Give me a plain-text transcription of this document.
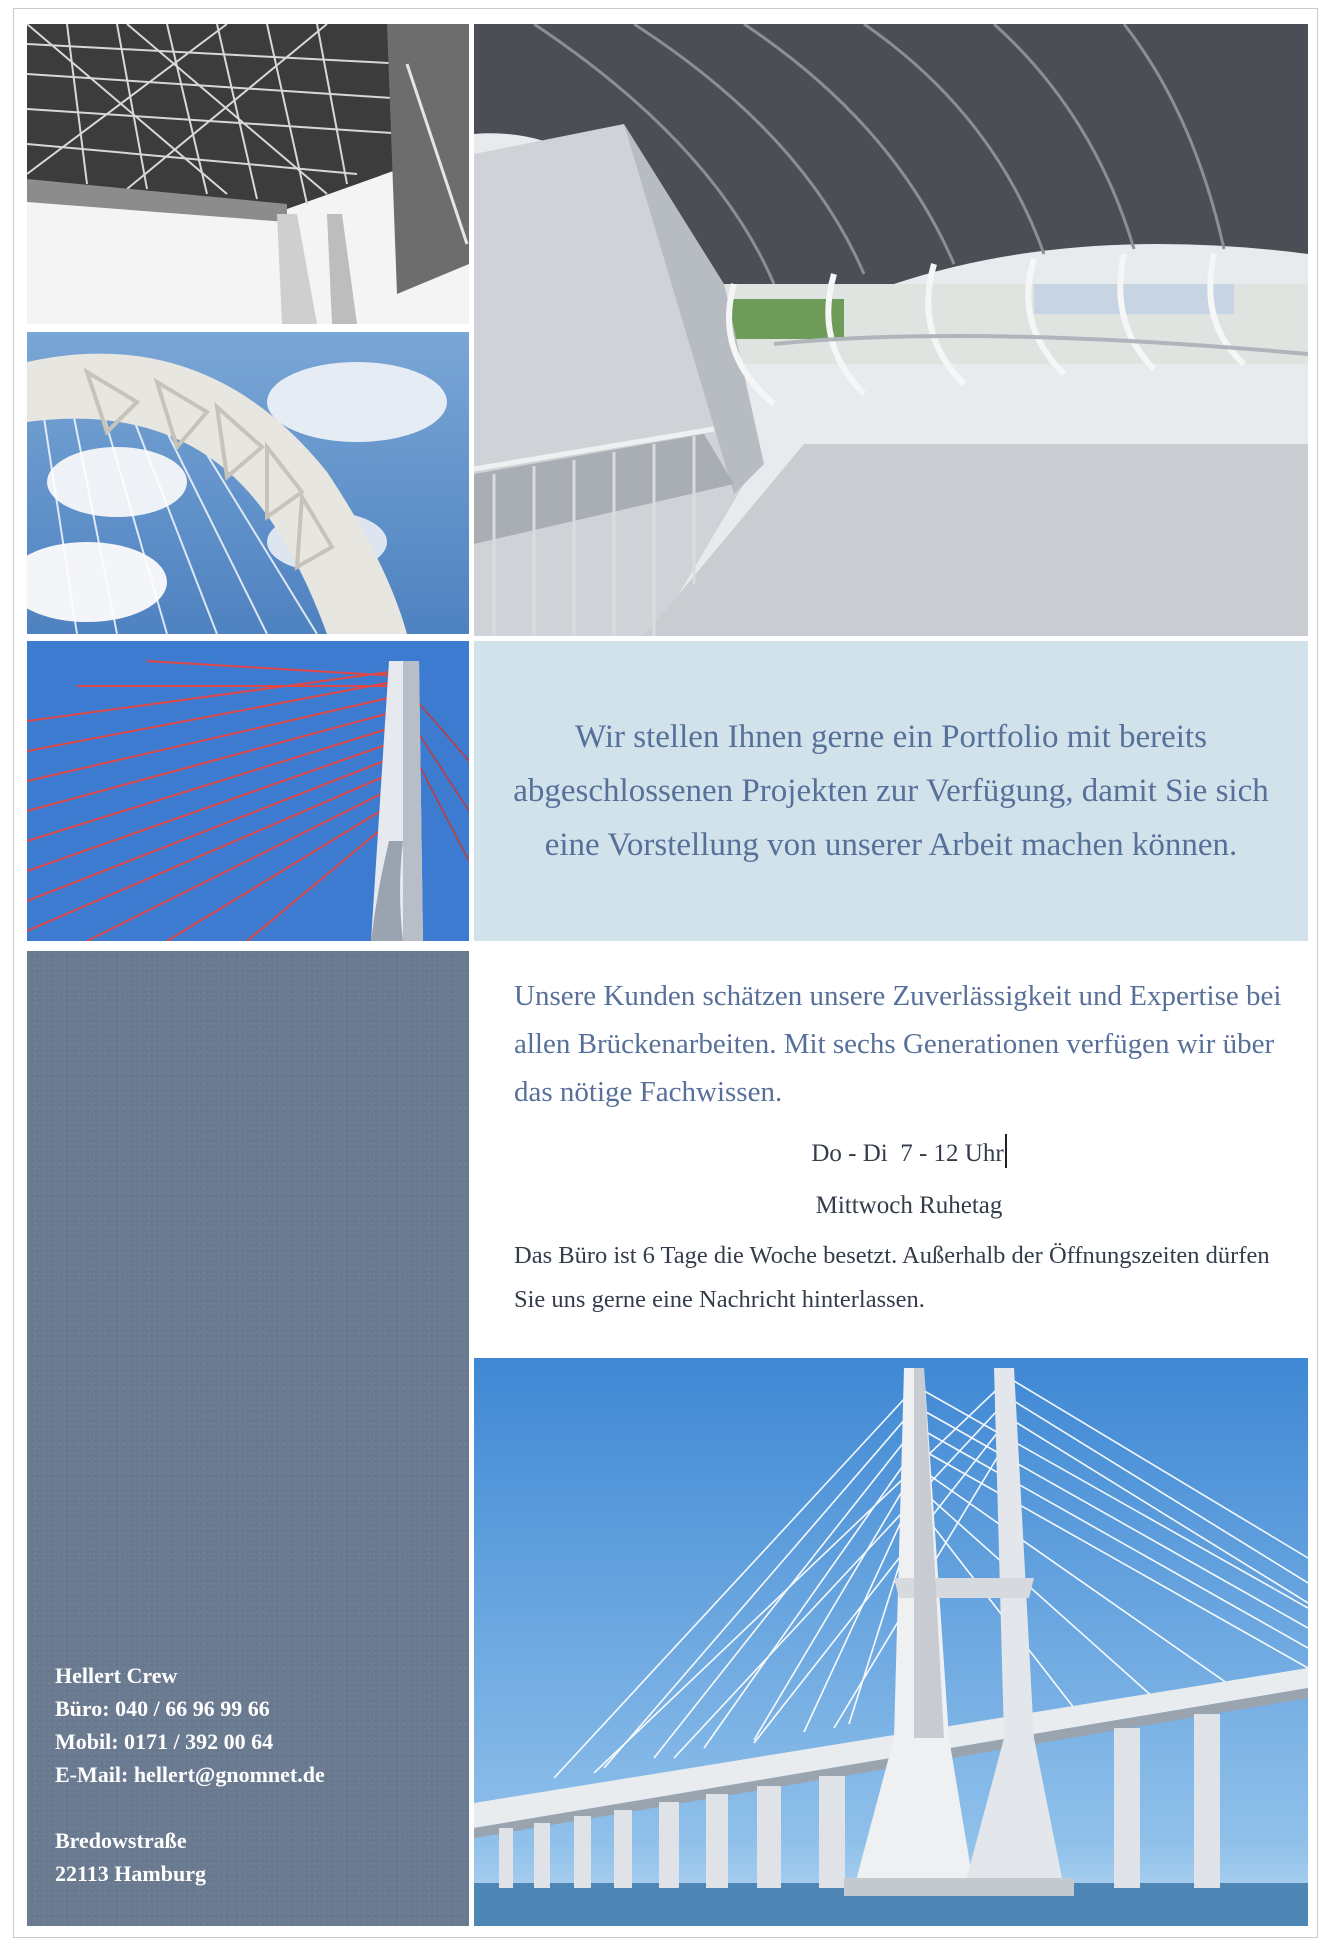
Wir stellen Ihnen gerne ein Portfolio mit bereits abgeschlossenen Projekten zur Verfügung, damit Sie sich eine Vorstellung von unserer Arbeit machen können.

Hellert Crew
Büro: 040 / 66 96 99 66
Mobil: 0171 / 392 00 64
E-Mail: hellert@gnomnet.de
Bredowstraße
22113 Hamburg

Unsere Kunden schätzen unsere Zuverlässigkeit und Expertise bei allen Brückenarbeiten. Mit sechs Generationen verfügen wir über das nötige Fachwissen.

Do - Di  7 - 12 Uhr
Mittwoch Ruhetag
Das Büro ist 6 Tage die Woche besetzt. Außerhalb der Öffnungszeiten dürfen Sie uns gerne eine Nachricht hinterlassen.
